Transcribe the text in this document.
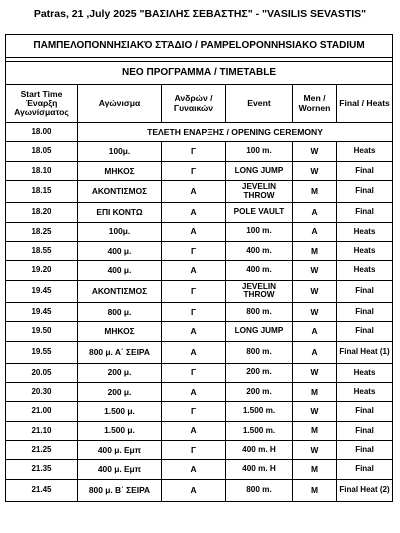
Patras, 21 ,July 2025 "ΒΑΣΙΛΗΣ ΣΕΒΑΣΤΗΣ" - "VASILIS SEVASTIS"
ΠΑΜΠΕΛΟΠΟΝΝΗΣΙΑΚΌ ΣΤΆΔΙΟ / PAMPELOPONNHSIAKO STADIUM					

ΝΕΟ ΠΡΟΓΡΑΜΜΑ / TIMETABLE					
Start Time Έναρξη Αγωνίσματος	Αγώνισμα	Ανδρών / Γυναικών	Event	Men / Wornen	Final / Heats
18.00	ΤΕΛΕΤΗ ΕΝΑΡΞΗΣ / OPENING CEREMONY				
18.05	100μ.	Γ	100 m.	W	Heats
18.10	ΜΗΚΟΣ	Γ	LONG JUMP	W	Final
18.15	ΑΚΟΝΤΙΣΜΟΣ	Α	JEVELIN THROW	M	Final
18.20	ΕΠΙ ΚΟΝΤΩ	Α	POLE VAULT	A	Final
18.25	100μ.	Α	100 m.	A	Heats
18.55	400 μ.	Γ	400 m.	M	Heats
19.20	400 μ.	Α	400 m.	W	Heats
19.45	ΑΚΟΝΤΙΣΜΟΣ	Γ	JEVELIN THROW	W	Final
19.45	800 μ.	Γ	800 m.	W	Final
19.50	ΜΗΚΟΣ	Α	LONG JUMP	A	Final
19.55	800 μ. Α΄ ΣΕΙΡΑ	Α	800 m.	A	Final Heat (1)
20.05	200 μ.	Γ	200 m.	W	Heats
20.30	200 μ.	Α	200 m.	M	Heats
21.00	1.500 μ.	Γ	1.500 m.	W	Final
21.10	1.500 μ.	Α	1.500 m.	M	Final
21.25	400 μ. Εμπ	Γ	400 m. H	W	Final
21.35	400 μ. Εμπ	Α	400 m. H	M	Final
21.45	800 μ. Β΄ ΣΕΙΡΑ	Α	800 m.	M	Final Heat (2)
